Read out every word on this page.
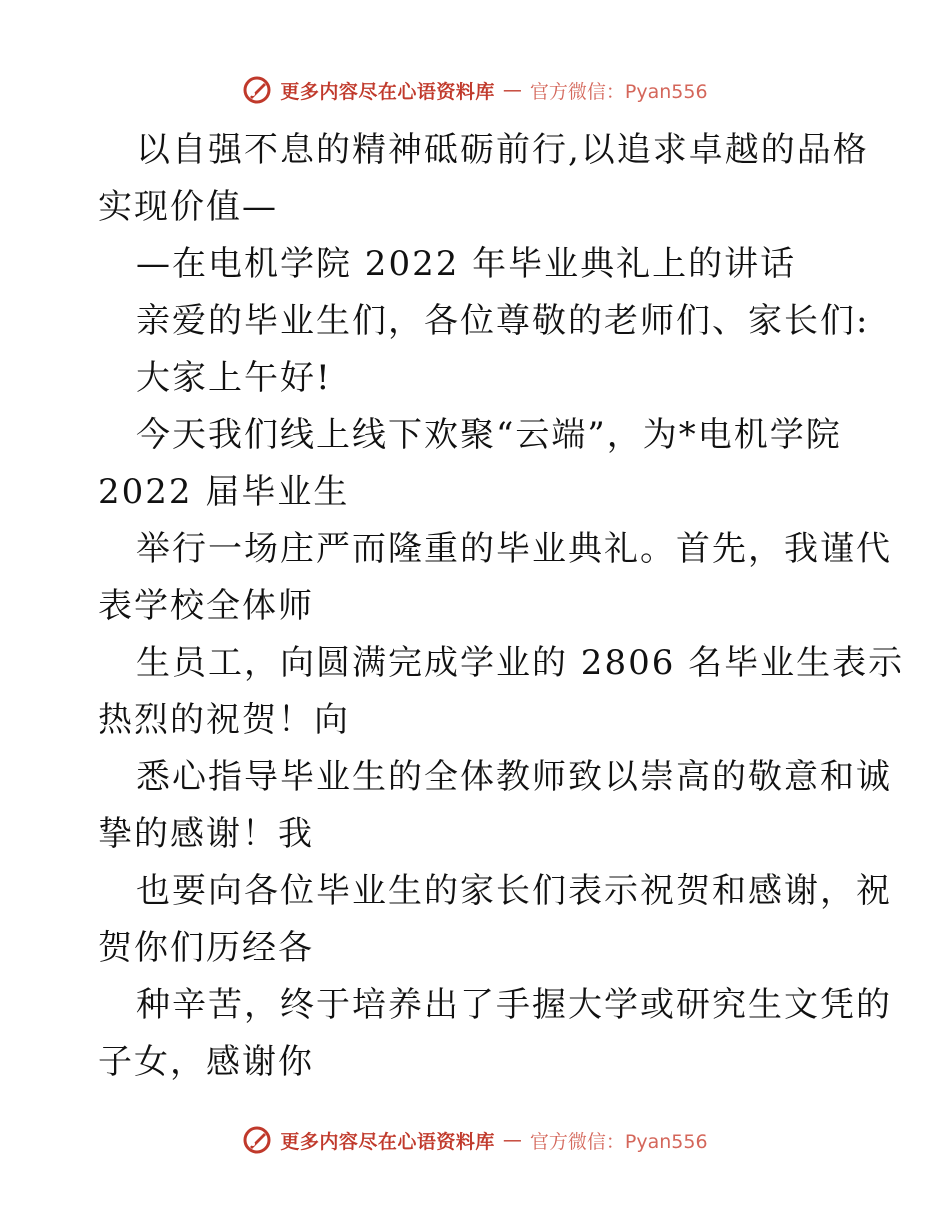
更多内容尽在心语资料库 — 官方微信：Pyan556
以自强不息的精神砥砺前行,以追求卓越的品格
实现价值—
—在电机学院 2022 年毕业典礼上的讲话
亲爱的毕业生们，各位尊敬的老师们、家长们:
大家上午好!
今天我们线上线下欢聚“云端”，为*电机学院
2022 届毕业生
举行一场庄严而隆重的毕业典礼。首先，我谨代
表学校全体师
生员工，向圆满完成学业的 2806 名毕业生表示
热烈的祝贺！向
悉心指导毕业生的全体教师致以崇高的敬意和诚
挚的感谢！我
也要向各位毕业生的家长们表示祝贺和感谢，祝
贺你们历经各
种辛苦，终于培养出了手握大学或研究生文凭的
子女，感谢你
更多内容尽在心语资料库 — 官方微信：Pyan556
